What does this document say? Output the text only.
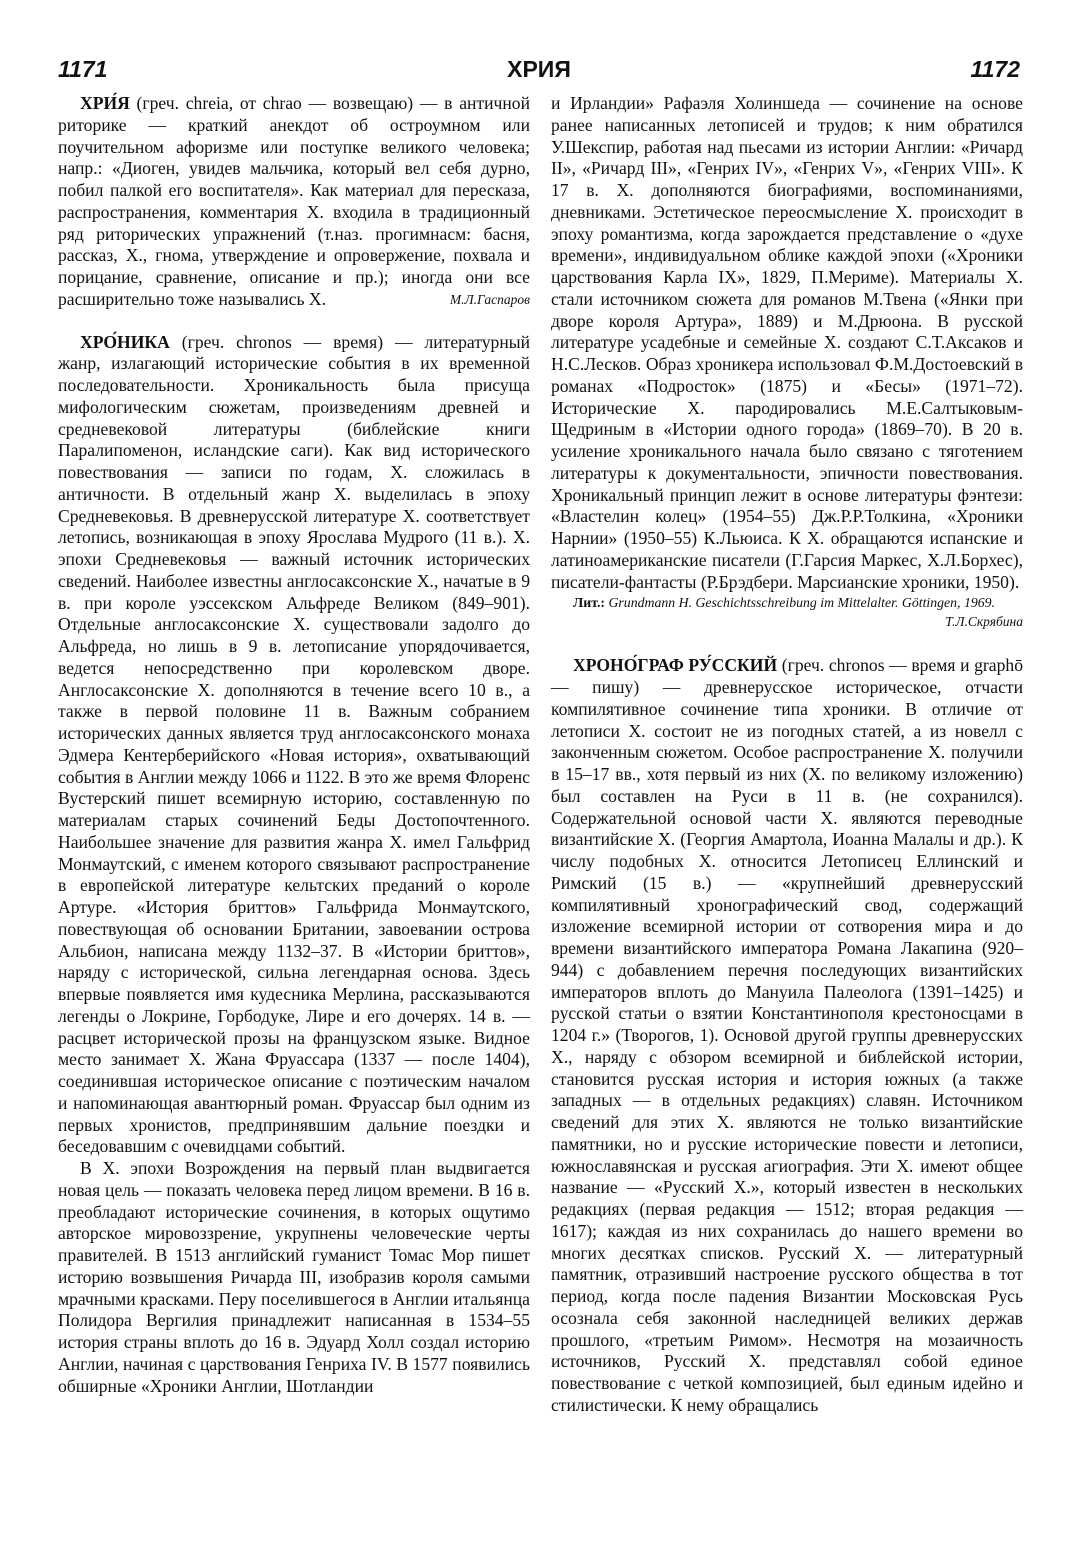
1171	ХРИЯ	1172

ХРИ́Я (греч. chreia, от chrao — возвещаю) — в античной риторике — краткий анекдот об остроумном или поучительном афоризме или поступке великого человека; напр.: «Диоген, увидев мальчика, который вел себя дурно, побил палкой его воспитателя». Как материал для пересказа, распространения, комментария Х. входила в традиционный ряд риторических упражнений (т.наз. прогимнасм: басня, рассказ, Х., гнома, утверждение и опровержение, похвала и порицание, сравнение, описание и пр.); иногда они все расширительно тоже назывались Х.	М.Л.Гаспаров

ХРО́НИКА (греч. chronos — время) — литературный жанр, излагающий исторические события в их временной последовательности. Хроникальность была присуща мифологическим сюжетам, произведениям древней и средневековой литературы (библейские книги Паралипоменон, исландские саги). Как вид исторического повествования — записи по годам, Х. сложилась в античности. В отдельный жанр Х. выделилась в эпоху Средневековья. В древнерусской литературе Х. соответствует летопись, возникающая в эпоху Ярослава Мудрого (11 в.). Х. эпохи Средневековья — важный источник исторических сведений. Наиболее известны англосаксонские Х., начатые в 9 в. при короле уэссекском Альфреде Великом (849–901). Отдельные англосаксонские Х. существовали задолго до Альфреда, но лишь в 9 в. летописание упорядочивается, ведется непосредственно при королевском дворе. Англосаксонские Х. дополняются в течение всего 10 в., а также в первой половине 11 в. Важным собранием исторических данных является труд англосаксонского монаха Эдмера Кентерберийского «Новая история», охватывающий события в Англии между 1066 и 1122. В это же время Флоренс Вустерский пишет всемирную историю, составленную по материалам старых сочинений Беды Достопочтенного. Наибольшее значение для развития жанра Х. имел Гальфрид Монмаутский, с именем которого связывают распространение в европейской литературе кельтских преданий о короле Артуре. «История бриттов» Гальфрида Монмаутского, повествующая об основании Британии, завоевании острова Альбион, написана между 1132–37. В «Истории бриттов», наряду с исторической, сильна легендарная основа. Здесь впервые появляется имя кудесника Мерлина, рассказываются легенды о Локрине, Горбодуке, Лире и его дочерях. 14 в. — расцвет исторической прозы на французском языке. Видное место занимает Х. Жана Фруассара (1337 — после 1404), соединившая историческое описание с поэтическим началом и напоминающая авантюрный роман. Фруассар был одним из первых хронистов, предпринявшим дальние поездки и беседовавшим с очевидцами событий.

В Х. эпохи Возрождения на первый план выдвигается новая цель — показать человека перед лицом времени. В 16 в. преобладают исторические сочинения, в которых ощутимо авторское мировоззрение, укрупнены человеческие черты правителей. В 1513 английский гуманист Томас Мор пишет историю возвышения Ричарда III, изобразив короля самыми мрачными красками. Перу поселившегося в Англии итальянца Полидора Вергилия принадлежит написанная в 1534–55 история страны вплоть до 16 в. Эдуард Холл создал историю Англии, начиная с царствования Генриха IV. В 1577 появились обширные «Хроники Англии, Шотландии

и Ирландии» Рафаэля Холиншеда — сочинение на основе ранее написанных летописей и трудов; к ним обратился У.Шекспир, работая над пьесами из истории Англии: «Ричард II», «Ричард III», «Генрих IV», «Генрих V», «Генрих VIII». К 17 в. Х. дополняются биографиями, воспоминаниями, дневниками. Эстетическое переосмысление Х. происходит в эпоху романтизма, когда зарождается представление о «духе времени», индивидуальном облике каждой эпохи («Хроники царствования Карла IX», 1829, П.Мериме). Материалы Х. стали источником сюжета для романов М.Твена («Янки при дворе короля Артура», 1889) и М.Дрюона. В русской литературе усадебные и семейные Х. создают С.Т.Аксаков и Н.С.Лесков. Образ хроникера использовал Ф.М.Достоевский в романах «Подросток» (1875) и «Бесы» (1971–72). Исторические Х. пародировались М.Е.Салтыковым-Щедриным в «Истории одного города» (1869–70). В 20 в. усиление хроникального начала было связано с тяготением литературы к документальности, эпичности повествования. Хроникальный принцип лежит в основе литературы фэнтези: «Властелин колец» (1954–55) Дж.Р.Р.Толкина, «Хроники Нарнии» (1950–55) К.Льюиса. К Х. обращаются испанские и латиноамериканские писатели (Г.Гарсия Маркес, Х.Л.Борхес), писатели-фантасты (Р.Брэдбери. Марсианские хроники, 1950).

Лит.: Grundmann H. Geschichtsschreibung im Mittelalter. Göttingen, 1969.
Т.Л.Скрябина

ХРОНО́ГРАФ РУ́ССКИЙ (греч. chronos — время и graphō — пишу) — древнерусское историческое, отчасти компилятивное сочинение типа хроники. В отличие от летописи Х. состоит не из погодных статей, а из новелл с законченным сюжетом. Особое распространение Х. получили в 15–17 вв., хотя первый из них (Х. по великому изложению) был составлен на Руси в 11 в. (не сохранился). Содержательной основой части Х. являются переводные византийские Х. (Георгия Амартола, Иоанна Малалы и др.). К числу подобных Х. относится Летописец Еллинский и Римский (15 в.) — «крупнейший древнерусский компилятивный хронографический свод, содержащий изложение всемирной истории от сотворения мира и до времени византийского императора Романа Лакапина (920–944) с добавлением перечня последующих византийских императоров вплоть до Мануила Палеолога (1391–1425) и русской статьи о взятии Константинополя крестоносцами в 1204 г.» (Творогов, 1). Основой другой группы древнерусских Х., наряду с обзором всемирной и библейской истории, становится русская история и история южных (а также западных — в отдельных редакциях) славян. Источником сведений для этих Х. являются не только византийские памятники, но и русские исторические повести и летописи, южнославянская и русская агиография. Эти Х. имеют общее название — «Русский Х.», который известен в нескольких редакциях (первая редакция — 1512; вторая редакция — 1617); каждая из них сохранилась до нашего времени во многих десятках списков. Русский Х. — литературный памятник, отразивший настроение русского общества в тот период, когда после падения Византии Московская Русь осознала себя законной наследницей великих держав прошлого, «третьим Римом». Несмотря на мозаичность источников, Русский Х. представлял собой единое повествование с четкой композицией, был единым идейно и стилистически. К нему обращались
